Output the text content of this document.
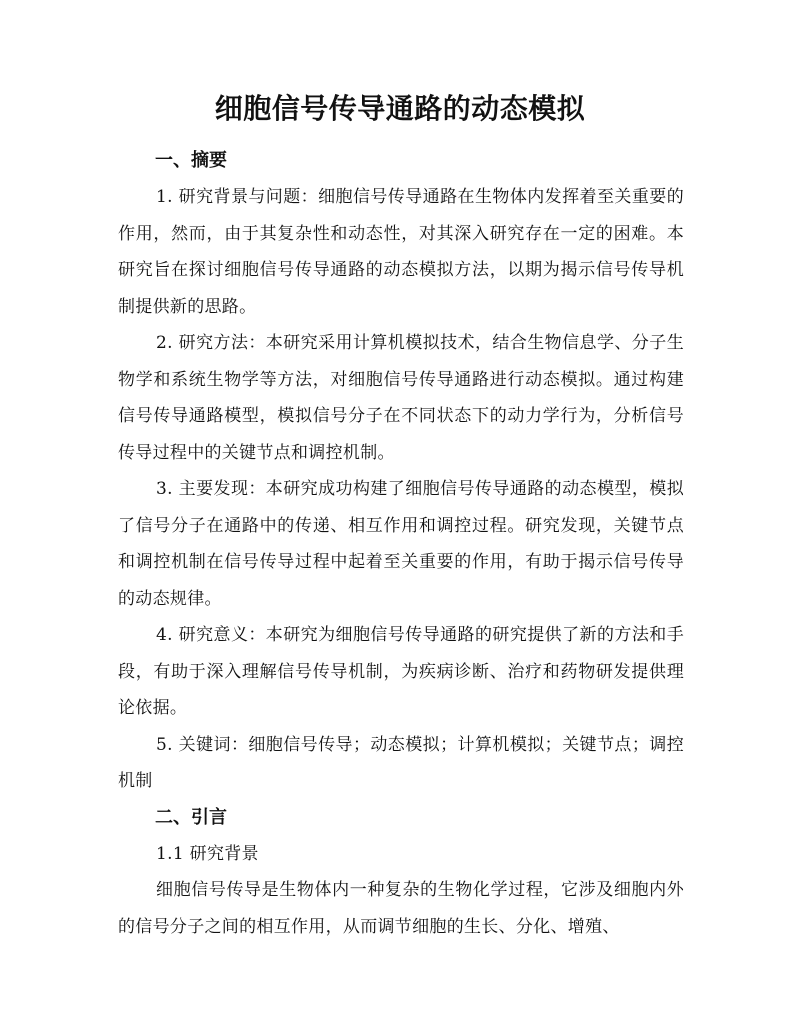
细胞信号传导通路的动态模拟
一、摘要

1. 研究背景与问题：细胞信号传导通路在生物体内发挥着至关重要的作用，然而，由于其复杂性和动态性，对其深入研究存在一定的困难。本研究旨在探讨细胞信号传导通路的动态模拟方法，以期为揭示信号传导机制提供新的思路。

2. 研究方法：本研究采用计算机模拟技术，结合生物信息学、分子生物学和系统生物学等方法，对细胞信号传导通路进行动态模拟。通过构建信号传导通路模型，模拟信号分子在不同状态下的动力学行为，分析信号传导过程中的关键节点和调控机制。

3. 主要发现：本研究成功构建了细胞信号传导通路的动态模型，模拟了信号分子在通路中的传递、相互作用和调控过程。研究发现，关键节点和调控机制在信号传导过程中起着至关重要的作用，有助于揭示信号传导的动态规律。

4. 研究意义：本研究为细胞信号传导通路的研究提供了新的方法和手段，有助于深入理解信号传导机制，为疾病诊断、治疗和药物研发提供理论依据。

5. 关键词：细胞信号传导；动态模拟；计算机模拟；关键节点；调控机制

二、引言
1.1 研究背景

细胞信号传导是生物体内一种复杂的生物化学过程，它涉及细胞内外的信号分子之间的相互作用，从而调节细胞的生长、分化、增殖、
